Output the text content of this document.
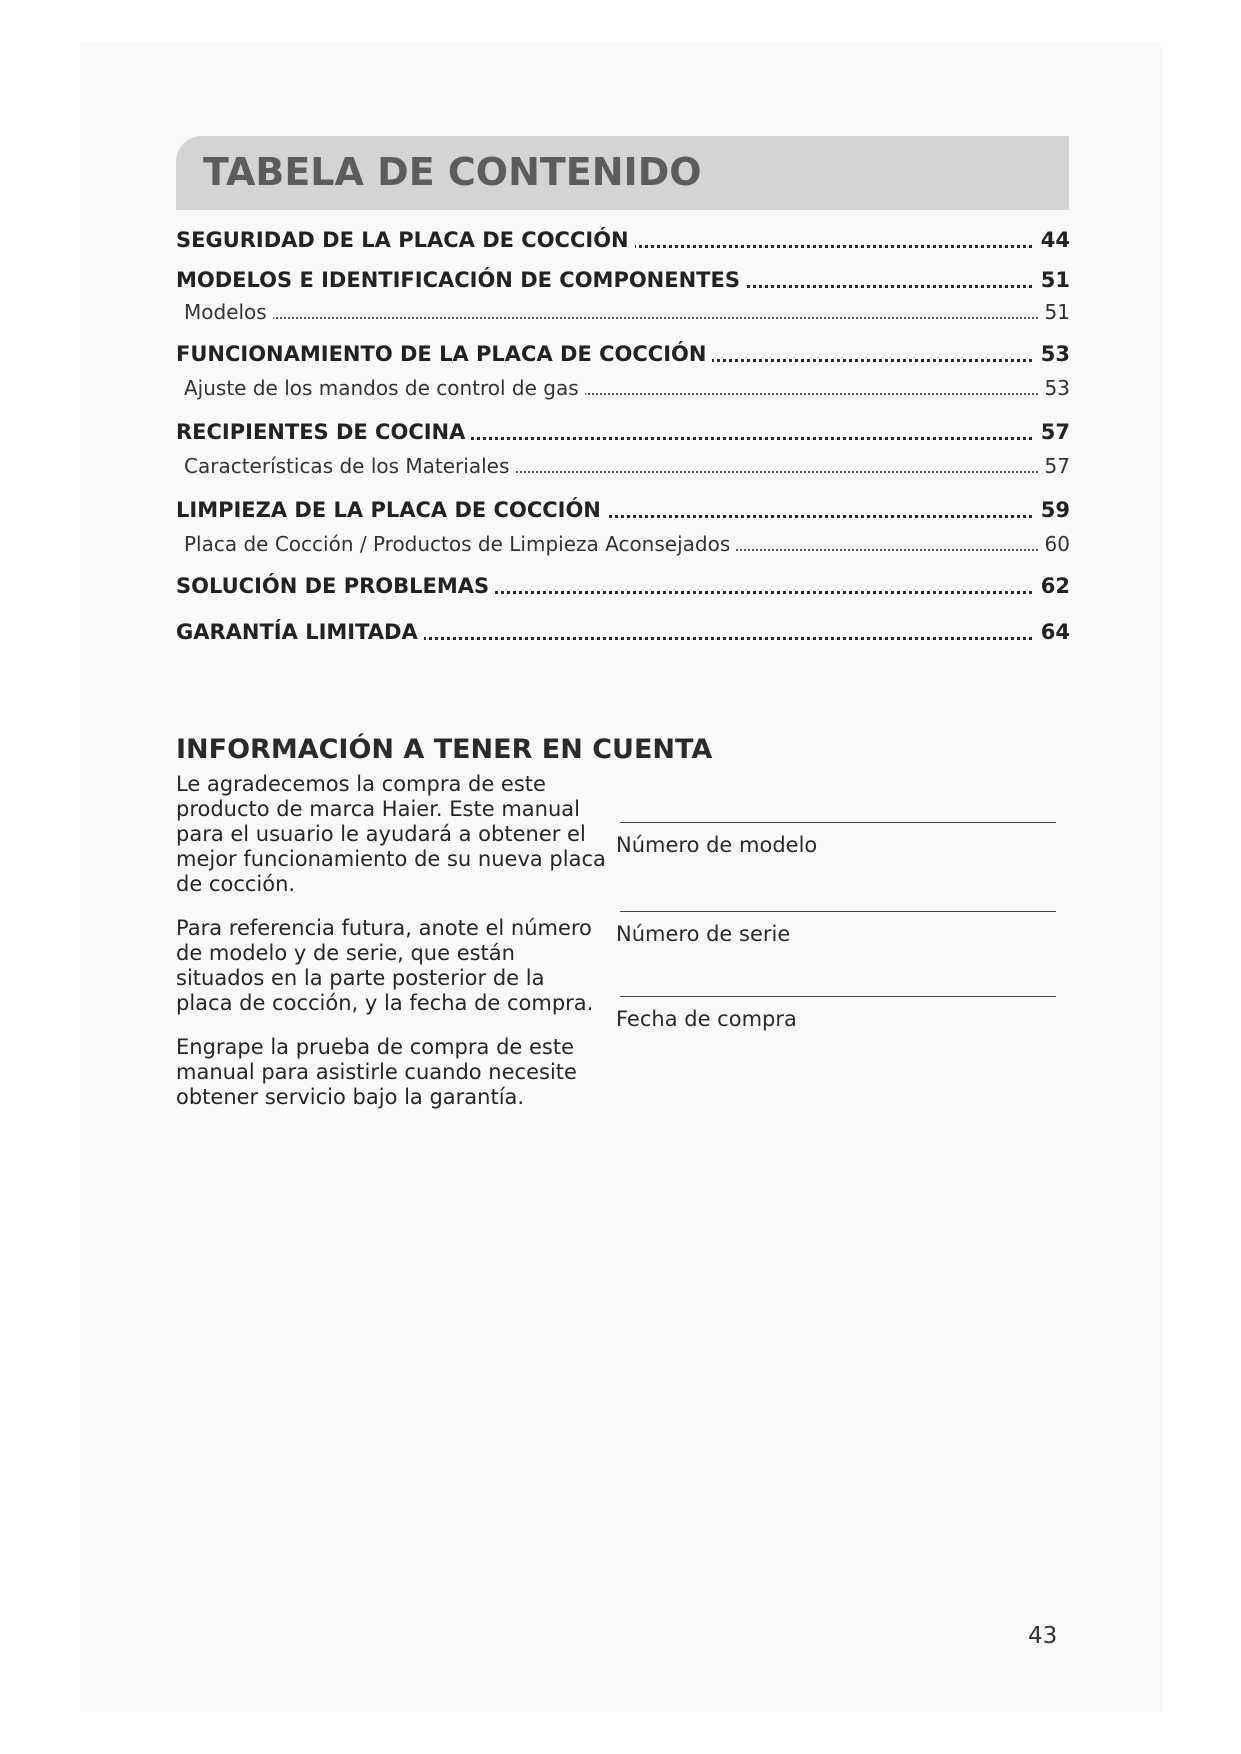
TABELA DE CONTENIDO
SEGURIDAD DE LA PLACA DE COCCIÓN	44
MODELOS E IDENTIFICACIÓN DE COMPONENTES	51
Modelos	51
FUNCIONAMIENTO DE LA PLACA DE COCCIÓN	53
Ajuste de los mandos de control de gas	53
RECIPIENTES DE COCINA	57
Características de los Materiales	57
LIMPIEZA DE LA PLACA DE COCCIÓN	59
Placa de Cocción / Productos de Limpieza Aconsejados	60
SOLUCIÓN DE PROBLEMAS	62
GARANTÍA LIMITADA	64
INFORMACIÓN A TENER EN CUENTA

Le agradecemos la compra de este producto de marca Haier. Este manual para el usuario le ayudará a obtener el mejor funcionamiento de su nueva placa de cocción.

Para referencia futura, anote el número de modelo y de serie, que están situados en la parte posterior de la placa de cocción, y la fecha de compra.

Engrape la prueba de compra de este manual para asistirle cuando necesite obtener servicio bajo la garantía.

Número de modelo
Número de serie
Fecha de compra
43
